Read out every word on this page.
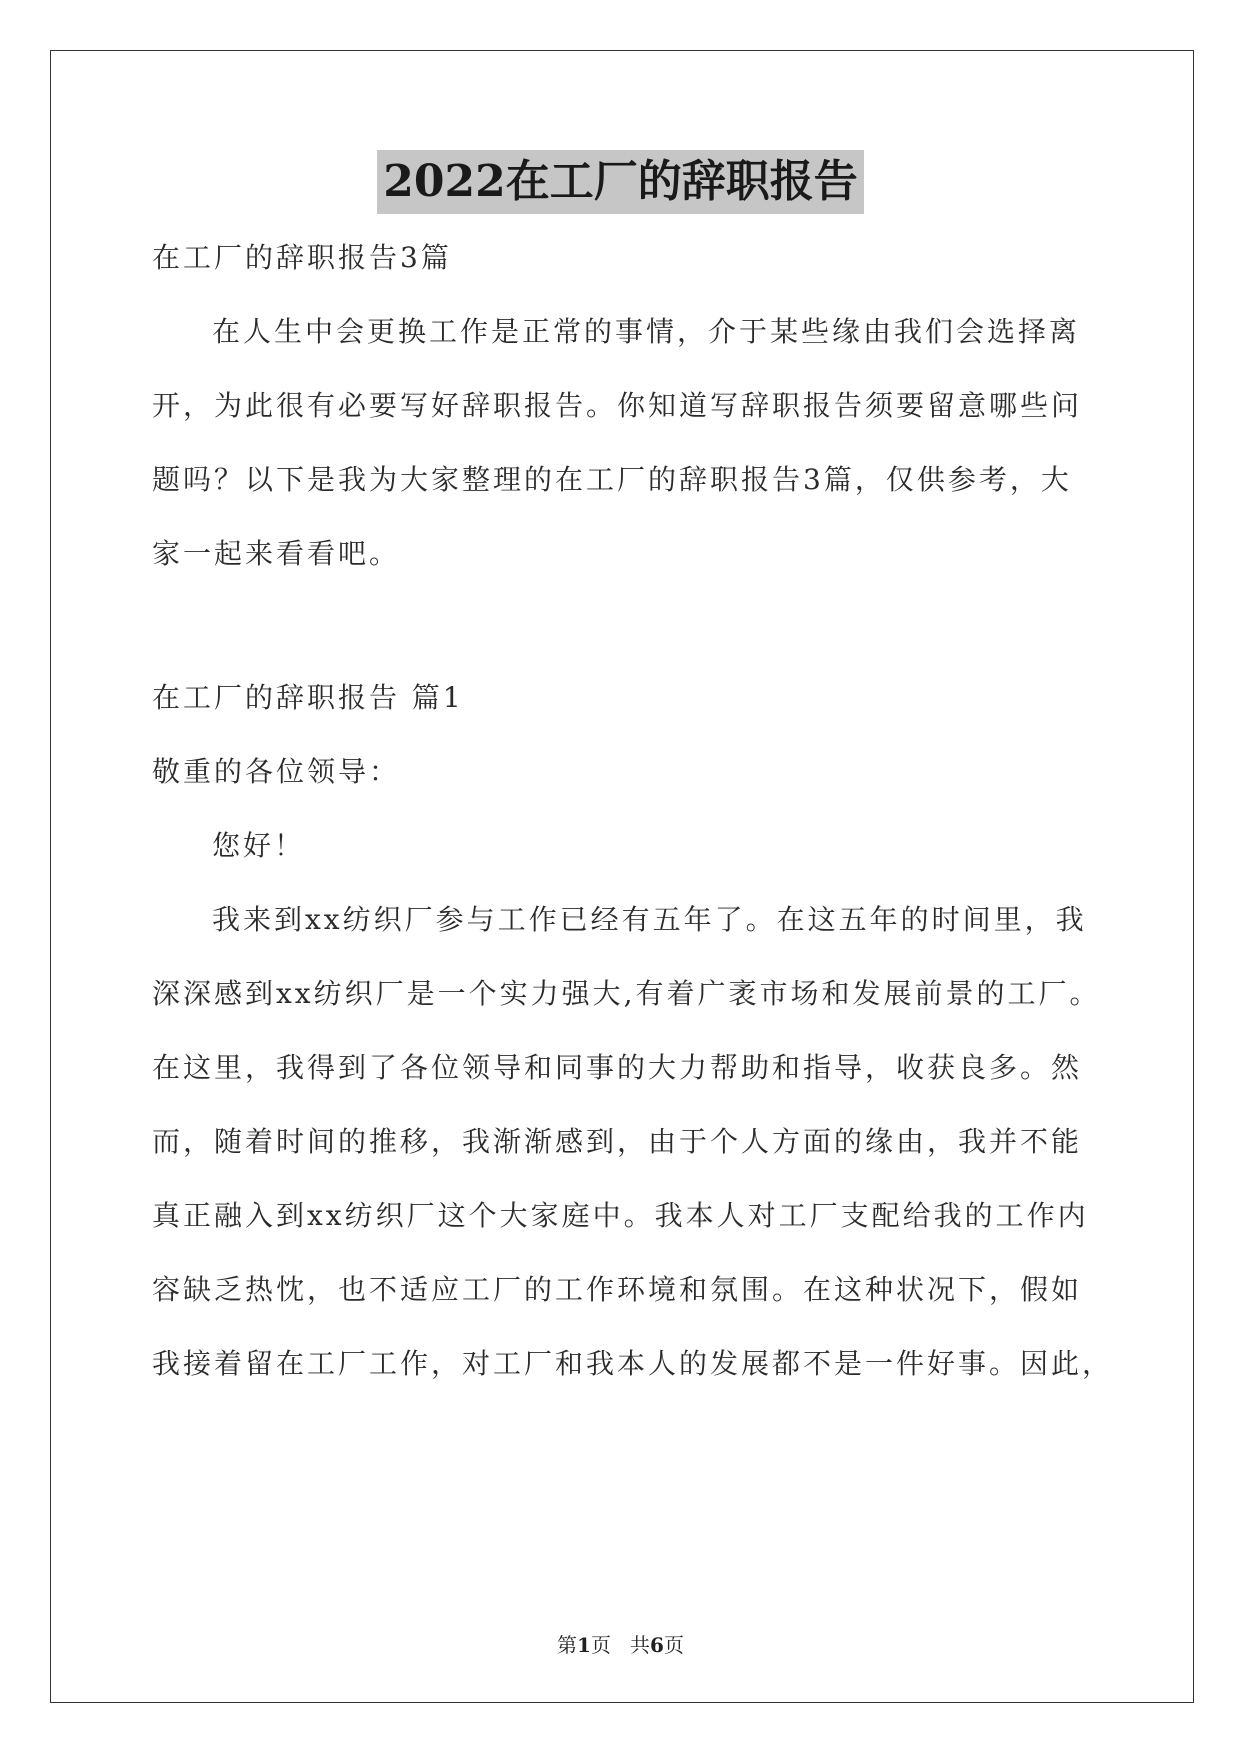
2022在工厂的辞职报告
在工厂的辞职报告3篇
在人生中会更换工作是正常的事情，介于某些缘由我们会选择离
开，为此很有必要写好辞职报告。你知道写辞职报告须要留意哪些问
题吗？以下是我为大家整理的在工厂的辞职报告3篇，仅供参考，大
家一起来看看吧。
在工厂的辞职报告 篇1
敬重的各位领导：
您好！
我来到xx纺织厂参与工作已经有五年了。在这五年的时间里，我
深深感到xx纺织厂是一个实力强大,有着广袤市场和发展前景的工厂。
在这里，我得到了各位领导和同事的大力帮助和指导，收获良多。然
而，随着时间的推移，我渐渐感到，由于个人方面的缘由，我并不能
真正融入到xx纺织厂这个大家庭中。我本人对工厂支配给我的工作内
容缺乏热忱，也不适应工厂的工作环境和氛围。在这种状况下，假如
我接着留在工厂工作，对工厂和我本人的发展都不是一件好事。因此，
第1页 共6页
